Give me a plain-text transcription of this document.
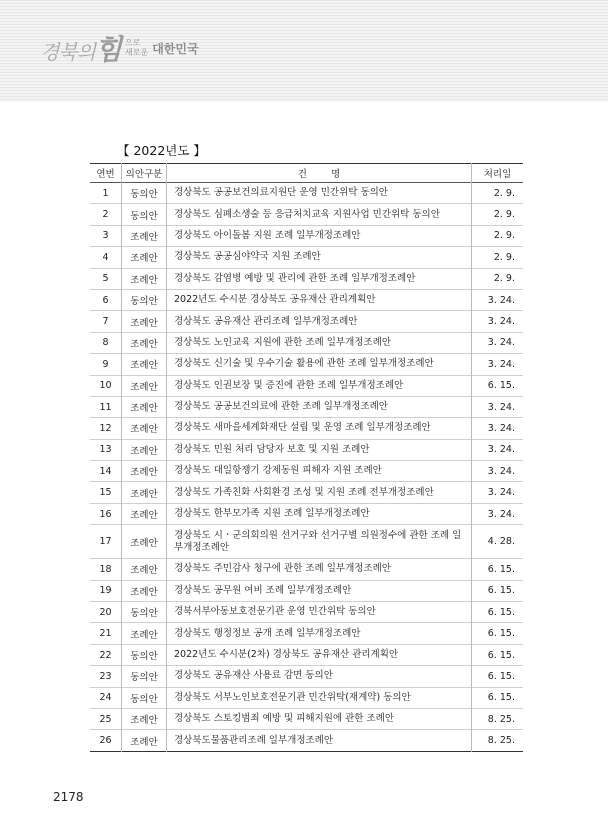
경북의힘 으로
새로운 대한민국
【 2022년도 】
연번	의안구분	건        명	처리일
1	동의안	경상북도 공공보건의료지원단 운영 민간위탁 동의안	2. 9.
2	동의안	경상북도 심폐소생술 등 응급처치교육 지원사업 민간위탁 동의안	2. 9.
3	조례안	경상북도 아이돌봄 지원 조례 일부개정조례안	2. 9.
4	조례안	경상북도 공공심야약국 지원 조례안	2. 9.
5	조례안	경상북도 감염병 예방 및 관리에 관한 조례 일부개정조례안	2. 9.
6	동의안	2022년도 수시분 경상북도 공유재산 관리계획안	3. 24.
7	조례안	경상북도 공유재산 관리조례 일부개정조례안	3. 24.
8	조례안	경상북도 노인교육 지원에 관한 조례 일부개정조례안	3. 24.
9	조례안	경상북도 신기술 및 우수기술 활용에 관한 조례 일부개정조례안	3. 24.
10	조례안	경상북도 인권보장 및 증진에 관한 조례 일부개정조례안	6. 15.
11	조례안	경상북도 공공보건의료에 관한 조례 일부개정조례안	3. 24.
12	조례안	경상북도 새마을세계화재단 설립 및 운영 조례 일부개정조례안	3. 24.
13	조례안	경상북도 민원 처리 담당자 보호 및 지원 조례안	3. 24.
14	조례안	경상북도 대일항쟁기 강제동원 피해자 지원 조례안	3. 24.
15	조례안	경상북도 가족친화 사회환경 조성 및 지원 조례 전부개정조례안	3. 24.
16	조례안	경상북도 한부모가족 지원 조례 일부개정조례안	3. 24.
17	조례안	경상북도 시ㆍ군의회의원 선거구와 선거구별 의원정수에 관한 조례 일부개정조례안	4. 28.
18	조례안	경상북도 주민감사 청구에 관한 조례 일부개정조례안	6. 15.
19	조례안	경상북도 공무원 여비 조례 일부개정조례안	6. 15.
20	동의안	경북서부아동보호전문기관 운영 민간위탁 동의안	6. 15.
21	조례안	경상북도 행정정보 공개 조례 일부개정조례안	6. 15.
22	동의안	2022년도 수시분(2차) 경상북도 공유재산 관리계획안	6. 15.
23	동의안	경상북도 공유재산 사용료 감면 동의안	6. 15.
24	동의안	경상북도 서부노인보호전문기관 민간위탁(재계약) 동의안	6. 15.
25	조례안	경상북도 스토킹범죄 예방 및 피해지원에 관한 조례안	8. 25.
26	조례안	경상북도물품관리조례 일부개정조례안	8. 25.
2178
